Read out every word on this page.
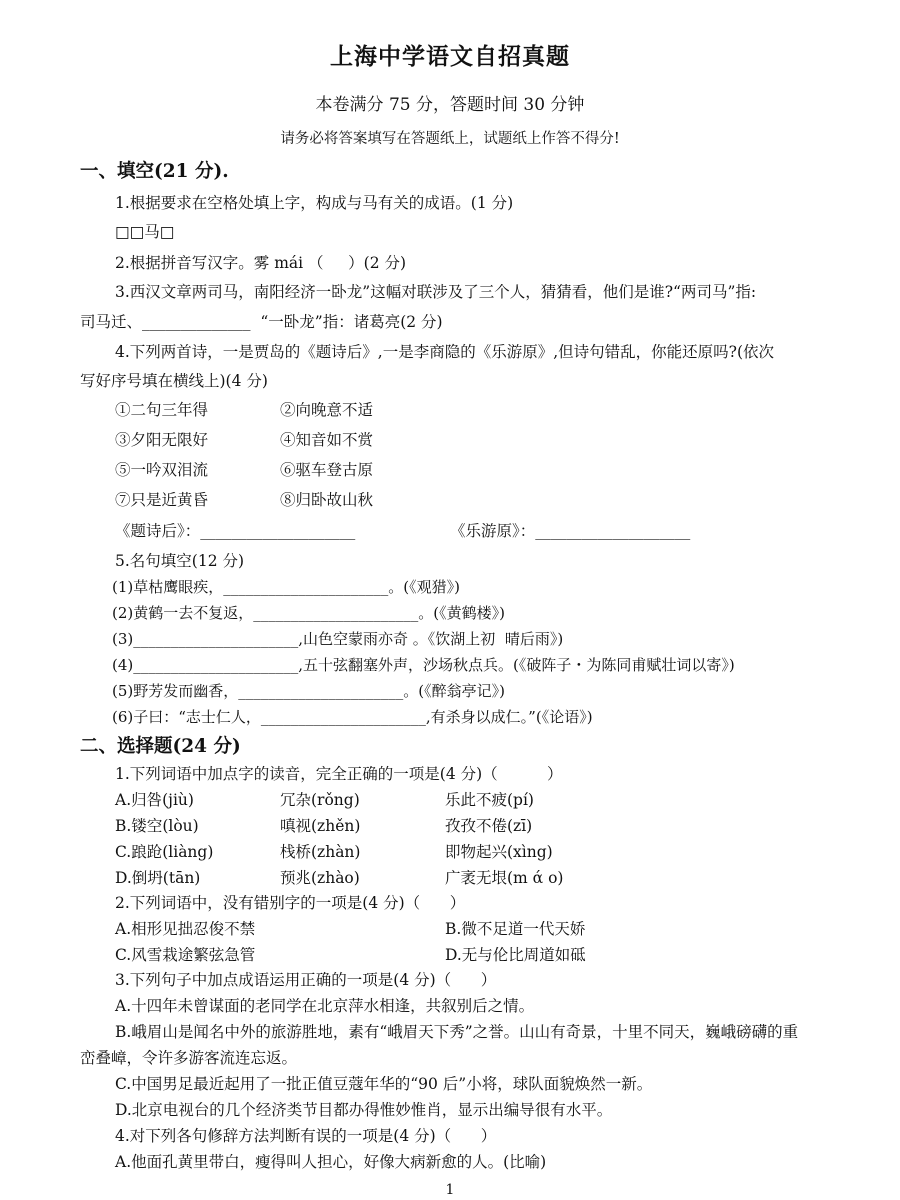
上海中学语文自招真题
本卷满分 75 分，答题时间 30 分钟
请务必将答案填写在答题纸上，试题纸上作答不得分!
一、填空(21 分).
1.根据要求在空格处填上字，构成与马有关的成语。(1 分)
□□马□
2.根据拼音写汉字。雾 mái （     ）(2 分)
3.西汉文章两司马，南阳经济一卧龙”这幅对联涉及了三个人，猜猜看，他们是谁?“两司马”指:
司马迁、______________  “一卧龙”指：诸葛亮(2 分)
4.下列两首诗，一是贾岛的《题诗后》,一是李商隐的《乐游原》,但诗句错乱，你能还原吗?(依次
写好序号填在横线上)(4 分)
①二句三年得	②向晚意不适
③夕阳无限好	④知音如不赏
⑤一吟双泪流	⑥驱车登古原
⑦只是近黄昏	⑧归卧故山秋
《题诗后》：____________________	《乐游原》：____________________
5.名句填空(12 分)
(1)草枯鹰眼疾，______________________。(《观猎》)
(2)黄鹤一去不复返，______________________。(《黄鹤楼》)
(3)______________________,山色空蒙雨亦奇 。《饮湖上初  晴后雨》)
(4)______________________,五十弦翻塞外声，沙场秋点兵。(《破阵子・为陈同甫赋壮词以寄》)
(5)野芳发而幽香，______________________。(《醉翁亭记》)
(6)子曰：“志士仁人，______________________,有杀身以成仁。”(《论语》)
二、选择题(24 分)
1.下列词语中加点字的读音，完全正确的一项是(4 分)（          ）
A.归咎(jiù)	冗杂(rǒng)	乐此不疲(pí)
B.镂空(lòu)	嗔视(zhěn)	孜孜不倦(zī)
C.踉跄(liàng)	栈桥(zhàn)	即物起兴(xìng)
D.倒坍(tān)	预兆(zhào)	广袤无垠(m ά o)
2.下列词语中，没有错别字的一项是(4 分)（      ）
A.相形见拙忍俊不禁	B.微不足道一代天娇
C.风雪栽途繁弦急管	D.无与伦比周道如砥
3.下列句子中加点成语运用正确的一项是(4 分)（      ）
A.十四年未曾谋面的老同学在北京萍水相逢，共叙别后之情。
B.峨眉山是闻名中外的旅游胜地，素有“峨眉天下秀”之誉。山山有奇景，十里不同天，巍峨磅礴的重
峦叠嶂，令许多游客流连忘返。
C.中国男足最近起用了一批正值豆蔻年华的“90 后”小将，球队面貌焕然一新。
D.北京电视台的几个经济类节目都办得惟妙惟肖，显示出编导很有水平。
4.对下列各句修辞方法判断有误的一项是(4 分)（      ）
A.他面孔黄里带白，瘦得叫人担心，好像大病新愈的人。(比喻)
1
